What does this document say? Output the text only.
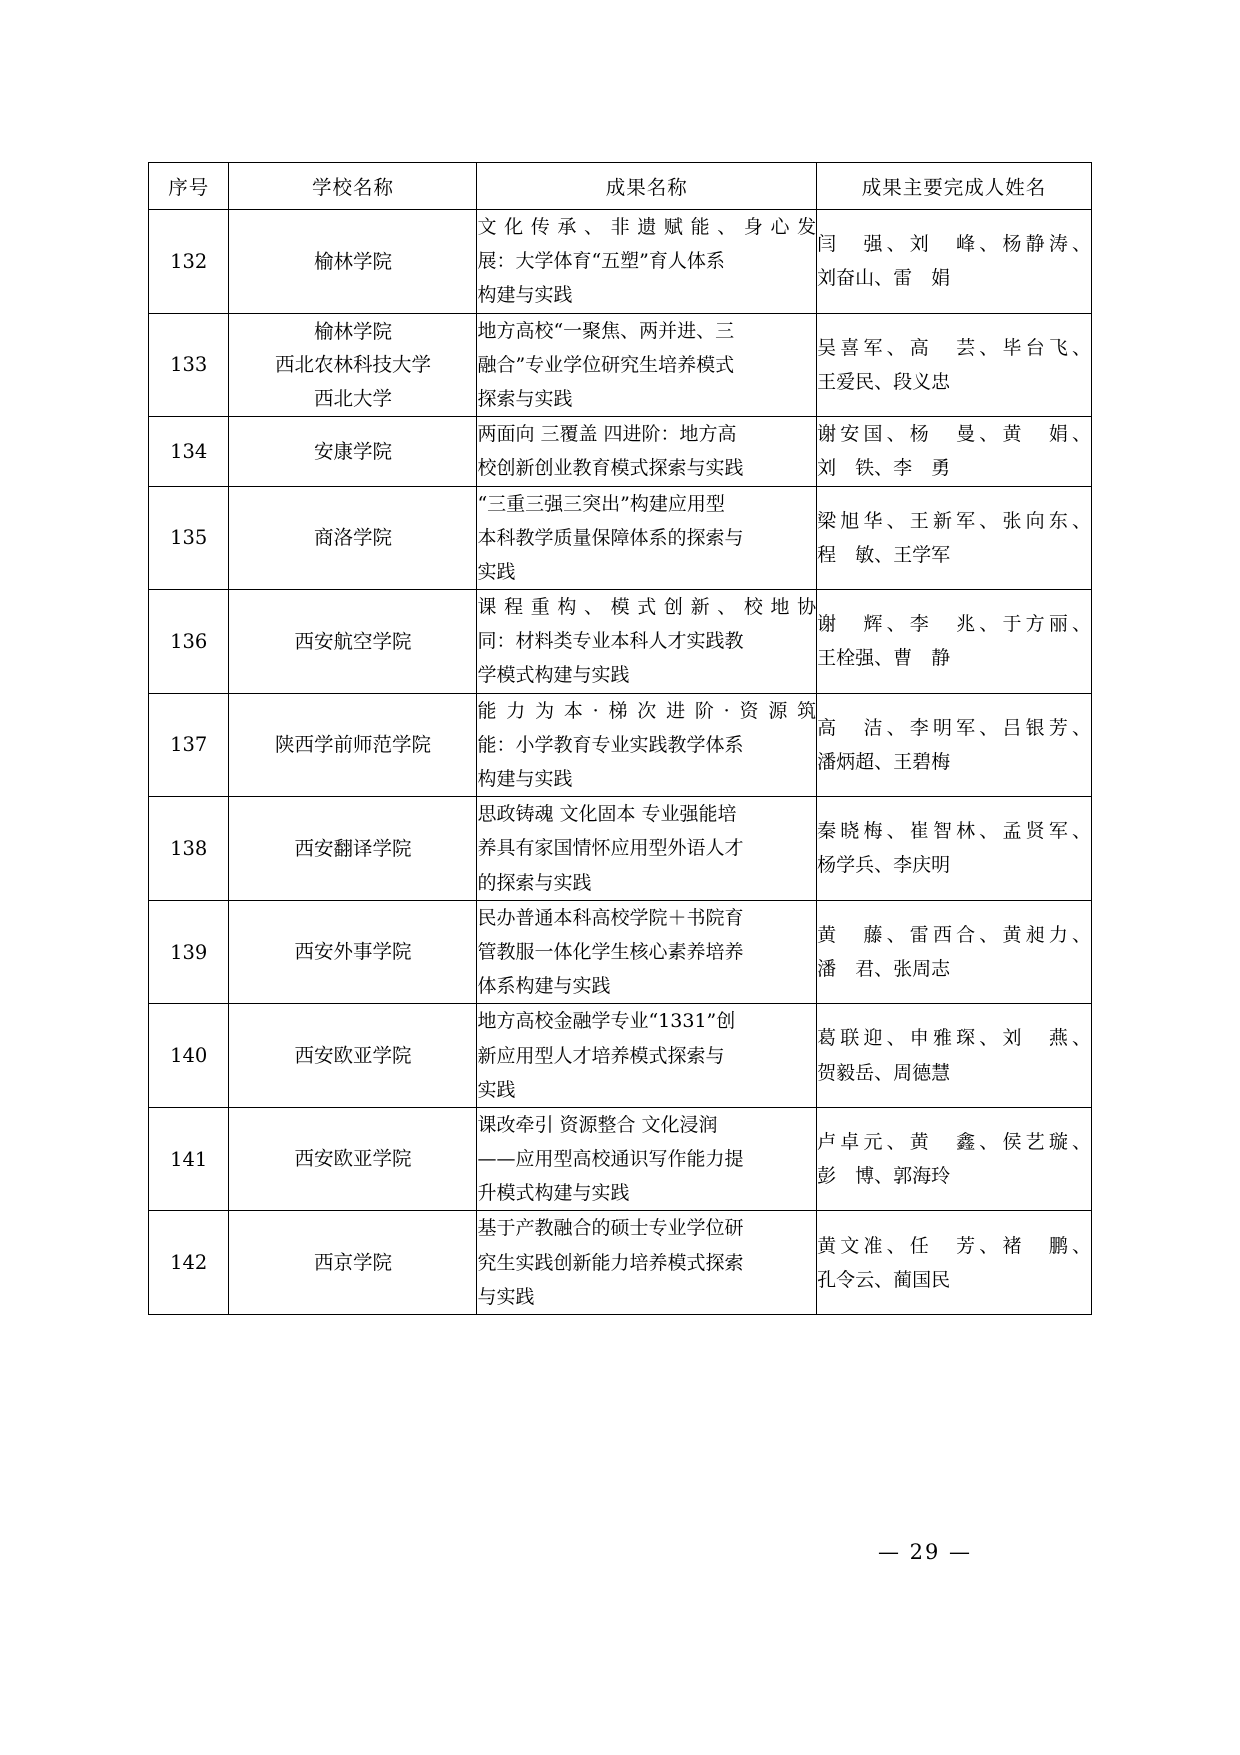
序号	学校名称	成果名称	成果主要完成人姓名

132	榆林学院	文 化 传 承 、 非 遗 赋 能 、 身 心 发
展：大学体育“五塑”育人体系
构建与实践	闫　强、刘　峰、杨静涛、
刘奋山、雷　娟

133	榆林学院
西北农林科技大学
西北大学	地方高校“一聚焦、两并进、三
融合”专业学位研究生培养模式
探索与实践	吴喜军、高　芸、毕台飞、
王爱民、段义忠

134	安康学院	两面向 三覆盖 四进阶：地方高
校创新创业教育模式探索与实践	谢安国、杨　曼、黄　娟、
刘　铁、李　勇

135	商洛学院	“三重三强三突出”构建应用型
本科教学质量保障体系的探索与
实践	梁旭华、王新军、张向东、
程　敏、王学军

136	西安航空学院	课 程 重 构 、 模 式 创 新 、 校 地 协
同：材料类专业本科人才实践教
学模式构建与实践	谢　辉、李　兆、于方丽、
王栓强、曹　静

137	陕西学前师范学院	能力为本·梯次进阶·资源筑
能：小学教育专业实践教学体系
构建与实践	高　洁、李明军、吕银芳、
潘炳超、王碧梅

138	西安翻译学院	思政铸魂 文化固本 专业强能培
养具有家国情怀应用型外语人才
的探索与实践	秦晓梅、崔智林、孟贤军、
杨学兵、李庆明

139	西安外事学院	民办普通本科高校学院＋书院育
管教服一体化学生核心素养培养
体系构建与实践	黄　藤、雷西合、黄昶力、
潘　君、张周志

140	西安欧亚学院	地方高校金融学专业“1331”创
新应用型人才培养模式探索与
实践	葛联迎、申雅琛、刘　燕、
贺毅岳、周德慧

141	西安欧亚学院	课改牵引 资源整合 文化浸润
——应用型高校通识写作能力提
升模式构建与实践	卢卓元、黄　鑫、侯艺璇、
彭　博、郭海玲

142	西京学院	基于产教融合的硕士专业学位研
究生实践创新能力培养模式探索
与实践	黄文准、任　芳、褚　鹏、
孔令云、蔺国民
— 29 —
